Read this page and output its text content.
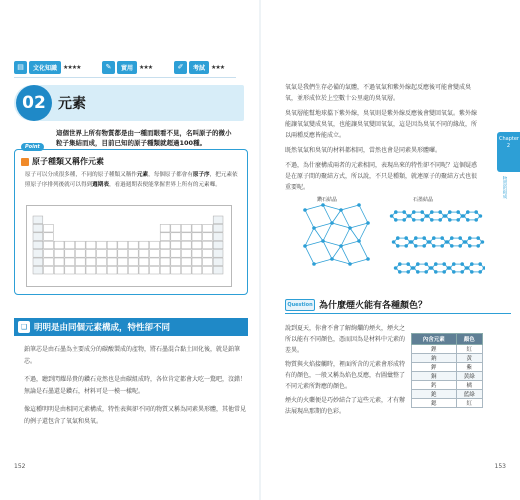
▤	文化知識	★★★★	✎	實用	★★★	✐	考試	★★★
02 元素
這個世界上所有物質都是由一種而眼看不見，名叫原子的微小粒子集結而成，目前已知的原子種類就超過100種。
Point
原子種類又稱作元素
原子可以分成很多種，不同的原子種類又稱作元素，每個原子都會有原子序，把元素依照原子序排列後就可以得到週期表，看過週期表便能掌握世界上所有的元素囉。
❑ 明明是由同個元素構成，特性卻不同

鉑筆芯是由石墨為主要成分的碳酸製成的產物，將石墨混合黏土固化後，就是鉑筆芯。

不過，聽到閃耀昂貴的鑽石竟然也是由碳組成時，各位肯定都會大吃一驚吧，沒錯！無論是石墨還是鑽石，材料可是一模一樣呢。

像這種明明是由相同元素構成，特性表與卻不同的物質又稱為同素異形體，其他常見的例子還包含了氧氣和臭氧。

152
Chapter 2
物質的組成

氧氣是我們生存必備的氣體，不過氧氣和紫外線起反應後可能會變成臭氧，並形成位於上空數十公里處的臭氧層。

臭氧層能幫地球擋下紫外線，臭氧則是紫外線反應後會變回氧氣。紫外線能讓氧氣變成臭氧，也能讓臭氧變回氧氣，這是因為臭氧不同的緣故，所以兩種反應皆能成立。

既然氧氣和臭氧的材料都相同，當然也會是同素異形體囉。

不過，為什麼構成兩者的元素相同，表現出來的特性卻不同呢？這個疑惑是在原子間的聚結方式，所以說，不只是種類，就連原子的聚結方式也很重要呢。

鑽石結晶	石墨結晶
Question 為什麼煙火能有各種顏色？

說到夏天，你會不會了解絢爛的煙火，煙火之所以能有不同顏色，憑而因為是材料中元素的差異。

物質與火焰接觸時，裡面所含的元素會形成特有的顏色，一般又稱為焰色反應，右圖彙整了不同元素所對應的顏色。

煙火的火藥便是巧妙結合了這些元素，才有辦法展現出那期的色彩。

內含元素	顏色
鋰	紅
鈉	黃
鉀	紫
銅	黃綠
鈣	橘
銫	藍綠
鍶	紅
153
